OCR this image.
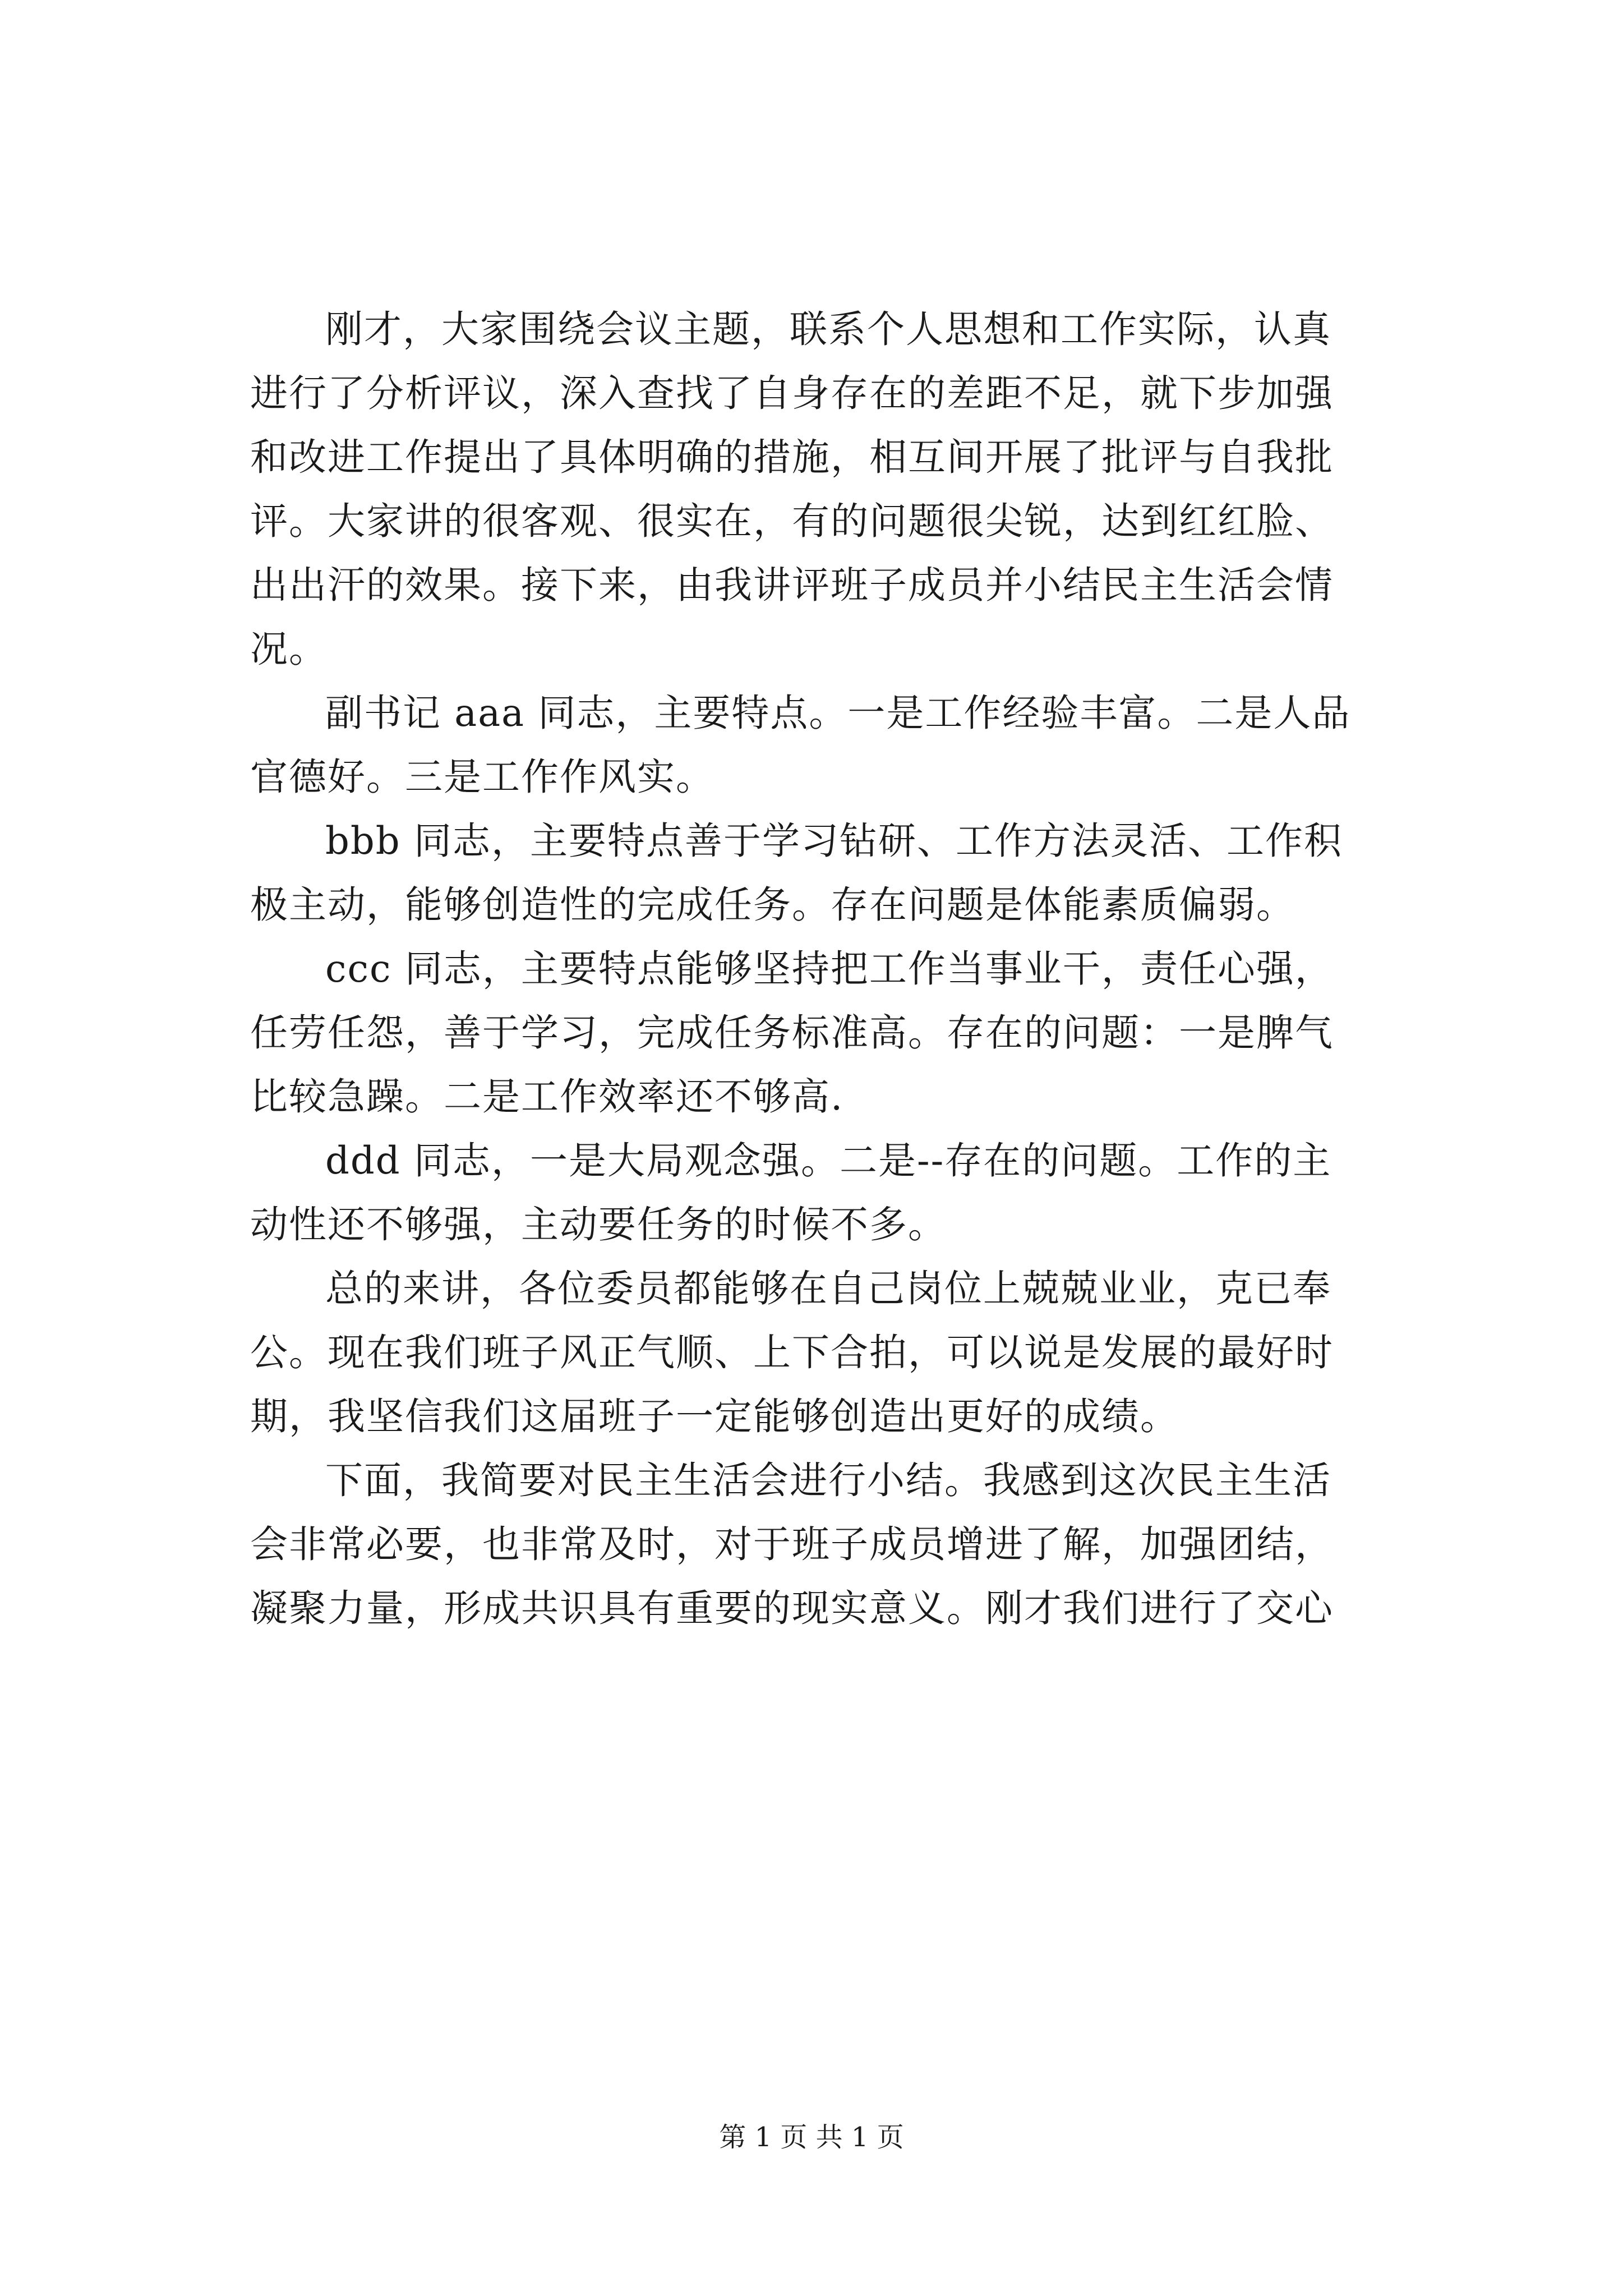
刚才，大家围绕会议主题，联系个人思想和工作实际，认真
进行了分析评议，深入查找了自身存在的差距不足，就下步加强
和改进工作提出了具体明确的措施，相互间开展了批评与自我批
评。大家讲的很客观、很实在，有的问题很尖锐，达到红红脸、
出出汗的效果。接下来，由我讲评班子成员并小结民主生活会情
况。
副书记 aaa 同志，主要特点。一是工作经验丰富。二是人品
官德好。三是工作作风实。
bbb 同志，主要特点善于学习钻研、工作方法灵活、工作积
极主动，能够创造性的完成任务。存在问题是体能素质偏弱。
ccc 同志，主要特点能够坚持把工作当事业干，责任心强，
任劳任怨，善于学习，完成任务标准高。存在的问题：一是脾气
比较急躁。二是工作效率还不够高.
ddd 同志，一是大局观念强。二是--存在的问题。工作的主
动性还不够强，主动要任务的时候不多。
总的来讲，各位委员都能够在自己岗位上兢兢业业，克已奉
公。现在我们班子风正气顺、上下合拍，可以说是发展的最好时
期，我坚信我们这届班子一定能够创造出更好的成绩。
下面，我简要对民主生活会进行小结。我感到这次民主生活
会非常必要，也非常及时，对于班子成员增进了解，加强团结，
凝聚力量，形成共识具有重要的现实意义。刚才我们进行了交心
第 1 页 共 1 页
